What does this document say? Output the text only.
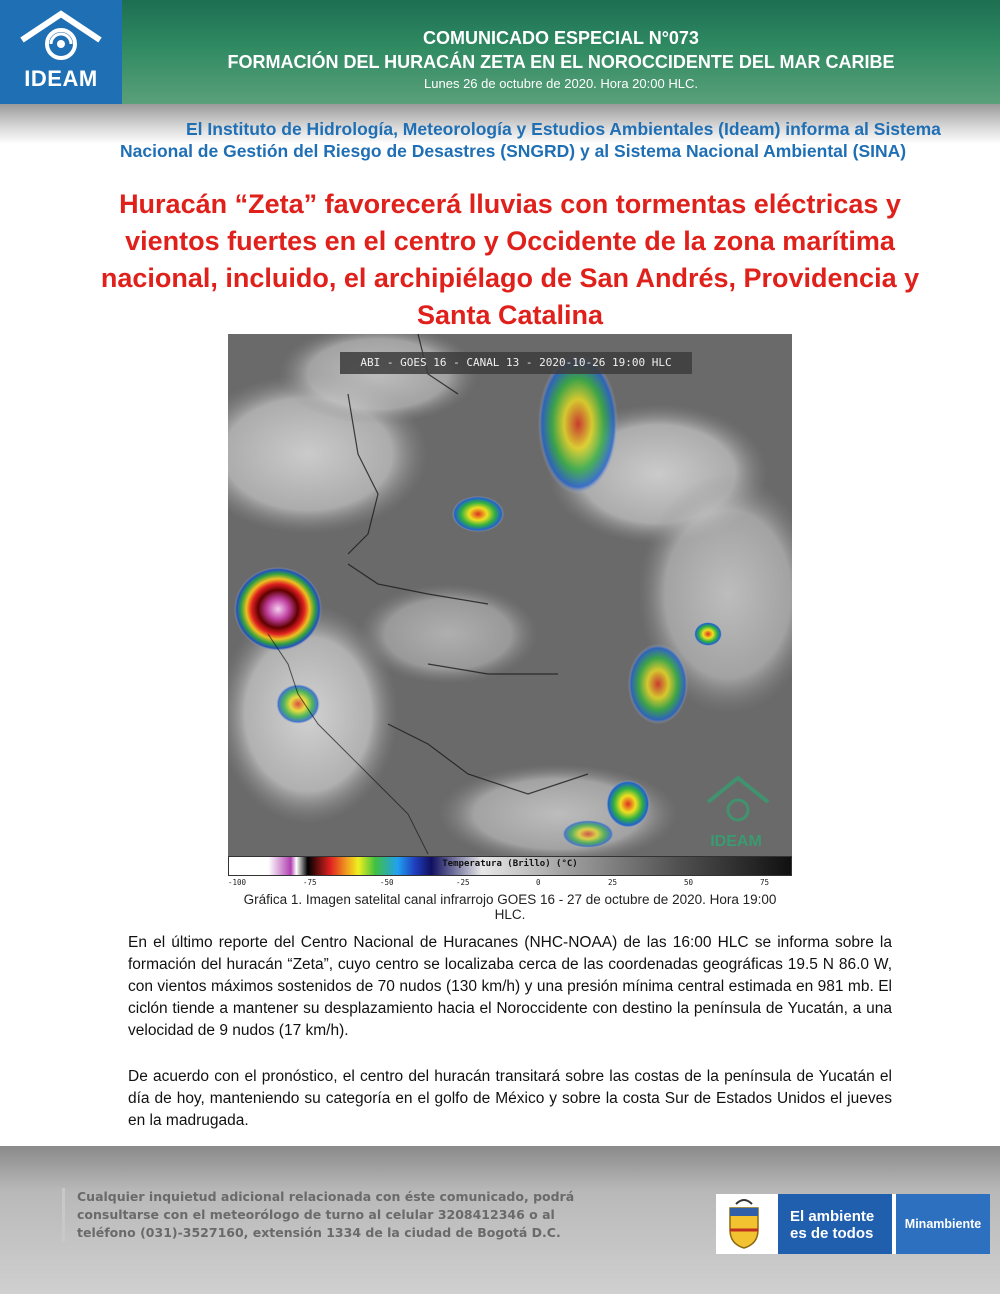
IDEAM
COMUNICADO ESPECIAL N°073
FORMACIÓN DEL HURACÁN ZETA EN EL NOROCCIDENTE DEL MAR CARIBE
Lunes 26 de octubre de 2020. Hora 20:00 HLC.
El Instituto de Hidrología, Meteorología y Estudios Ambientales (Ideam) informa al Sistema
Nacional de Gestión del Riesgo de Desastres (SNGRD) y al Sistema Nacional Ambiental (SINA)
Huracán “Zeta” favorecerá lluvias con tormentas eléctricas y vientos fuertes en el centro y Occidente de la zona marítima nacional, incluido, el archipiélago de San Andrés, Providencia y Santa Catalina
IDEAM
ABI - GOES 16 - CANAL 13 - 2020-10-26 19:00 HLC
Temperatura (Brillo) (°C)
-100	-75	-50	-25	0	25	50	75
Gráfica 1. Imagen satelital canal infrarrojo GOES 16 - 27 de octubre de 2020. Hora 19:00 HLC.
En el último reporte del Centro Nacional de Huracanes (NHC-NOAA) de las 16:00 HLC se informa sobre la formación del huracán “Zeta”, cuyo centro se localizaba cerca de las coordenadas geográficas 19.5 N 86.0 W, con vientos máximos sostenidos de 70 nudos (130 km/h) y una presión mínima central estimada en 981 mb. El ciclón tiende a mantener su desplazamiento hacia el Noroccidente con destino la península de Yucatán, a una velocidad de 9 nudos (17 km/h).
De acuerdo con el pronóstico, el centro del huracán transitará sobre las costas de la península de Yucatán el día de hoy, manteniendo su categoría en el golfo de México y sobre la costa Sur de Estados Unidos el jueves en la madrugada.
Cualquier inquietud adicional relacionada con éste comunicado, podrá consultarse con el meteorólogo de turno al celular 3208412346 o al teléfono (031)-3527160, extensión 1334 de la ciudad de Bogotá D.C.
El ambiente
es de todos
Minambiente
